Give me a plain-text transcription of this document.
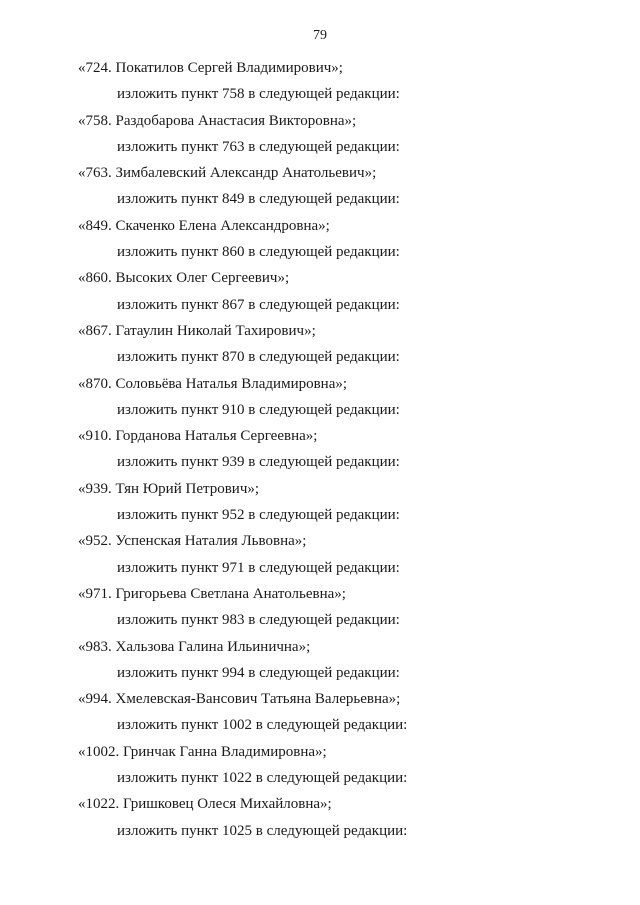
79
«724. Покатилов Сергей Владимирович»;
изложить пункт 758 в следующей редакции:
«758. Раздобарова Анастасия Викторовна»;
изложить пункт 763 в следующей редакции:
«763. Зимбалевский Александр Анатольевич»;
изложить пункт 849 в следующей редакции:
«849. Скаченко Елена Александровна»;
изложить пункт 860 в следующей редакции:
«860. Высоких Олег Сергеевич»;
изложить пункт 867 в следующей редакции:
«867. Гатаулин Николай Тахирович»;
изложить пункт 870 в следующей редакции:
«870. Соловьёва Наталья Владимировна»;
изложить пункт 910 в следующей редакции:
«910. Горданова Наталья Сергеевна»;
изложить пункт 939 в следующей редакции:
«939. Тян Юрий Петрович»;
изложить пункт 952 в следующей редакции:
«952. Успенская Наталия Львовна»;
изложить пункт 971 в следующей редакции:
«971. Григорьева Светлана Анатольевна»;
изложить пункт 983 в следующей редакции:
«983. Хальзова Галина Ильинична»;
изложить пункт 994 в следующей редакции:
«994. Хмелевская-Вансович Татьяна Валерьевна»;
изложить пункт 1002 в следующей редакции:
«1002. Гринчак Ганна Владимировна»;
изложить пункт 1022 в следующей редакции:
«1022. Гришковец Олеся Михайловна»;
изложить пункт 1025 в следующей редакции:
